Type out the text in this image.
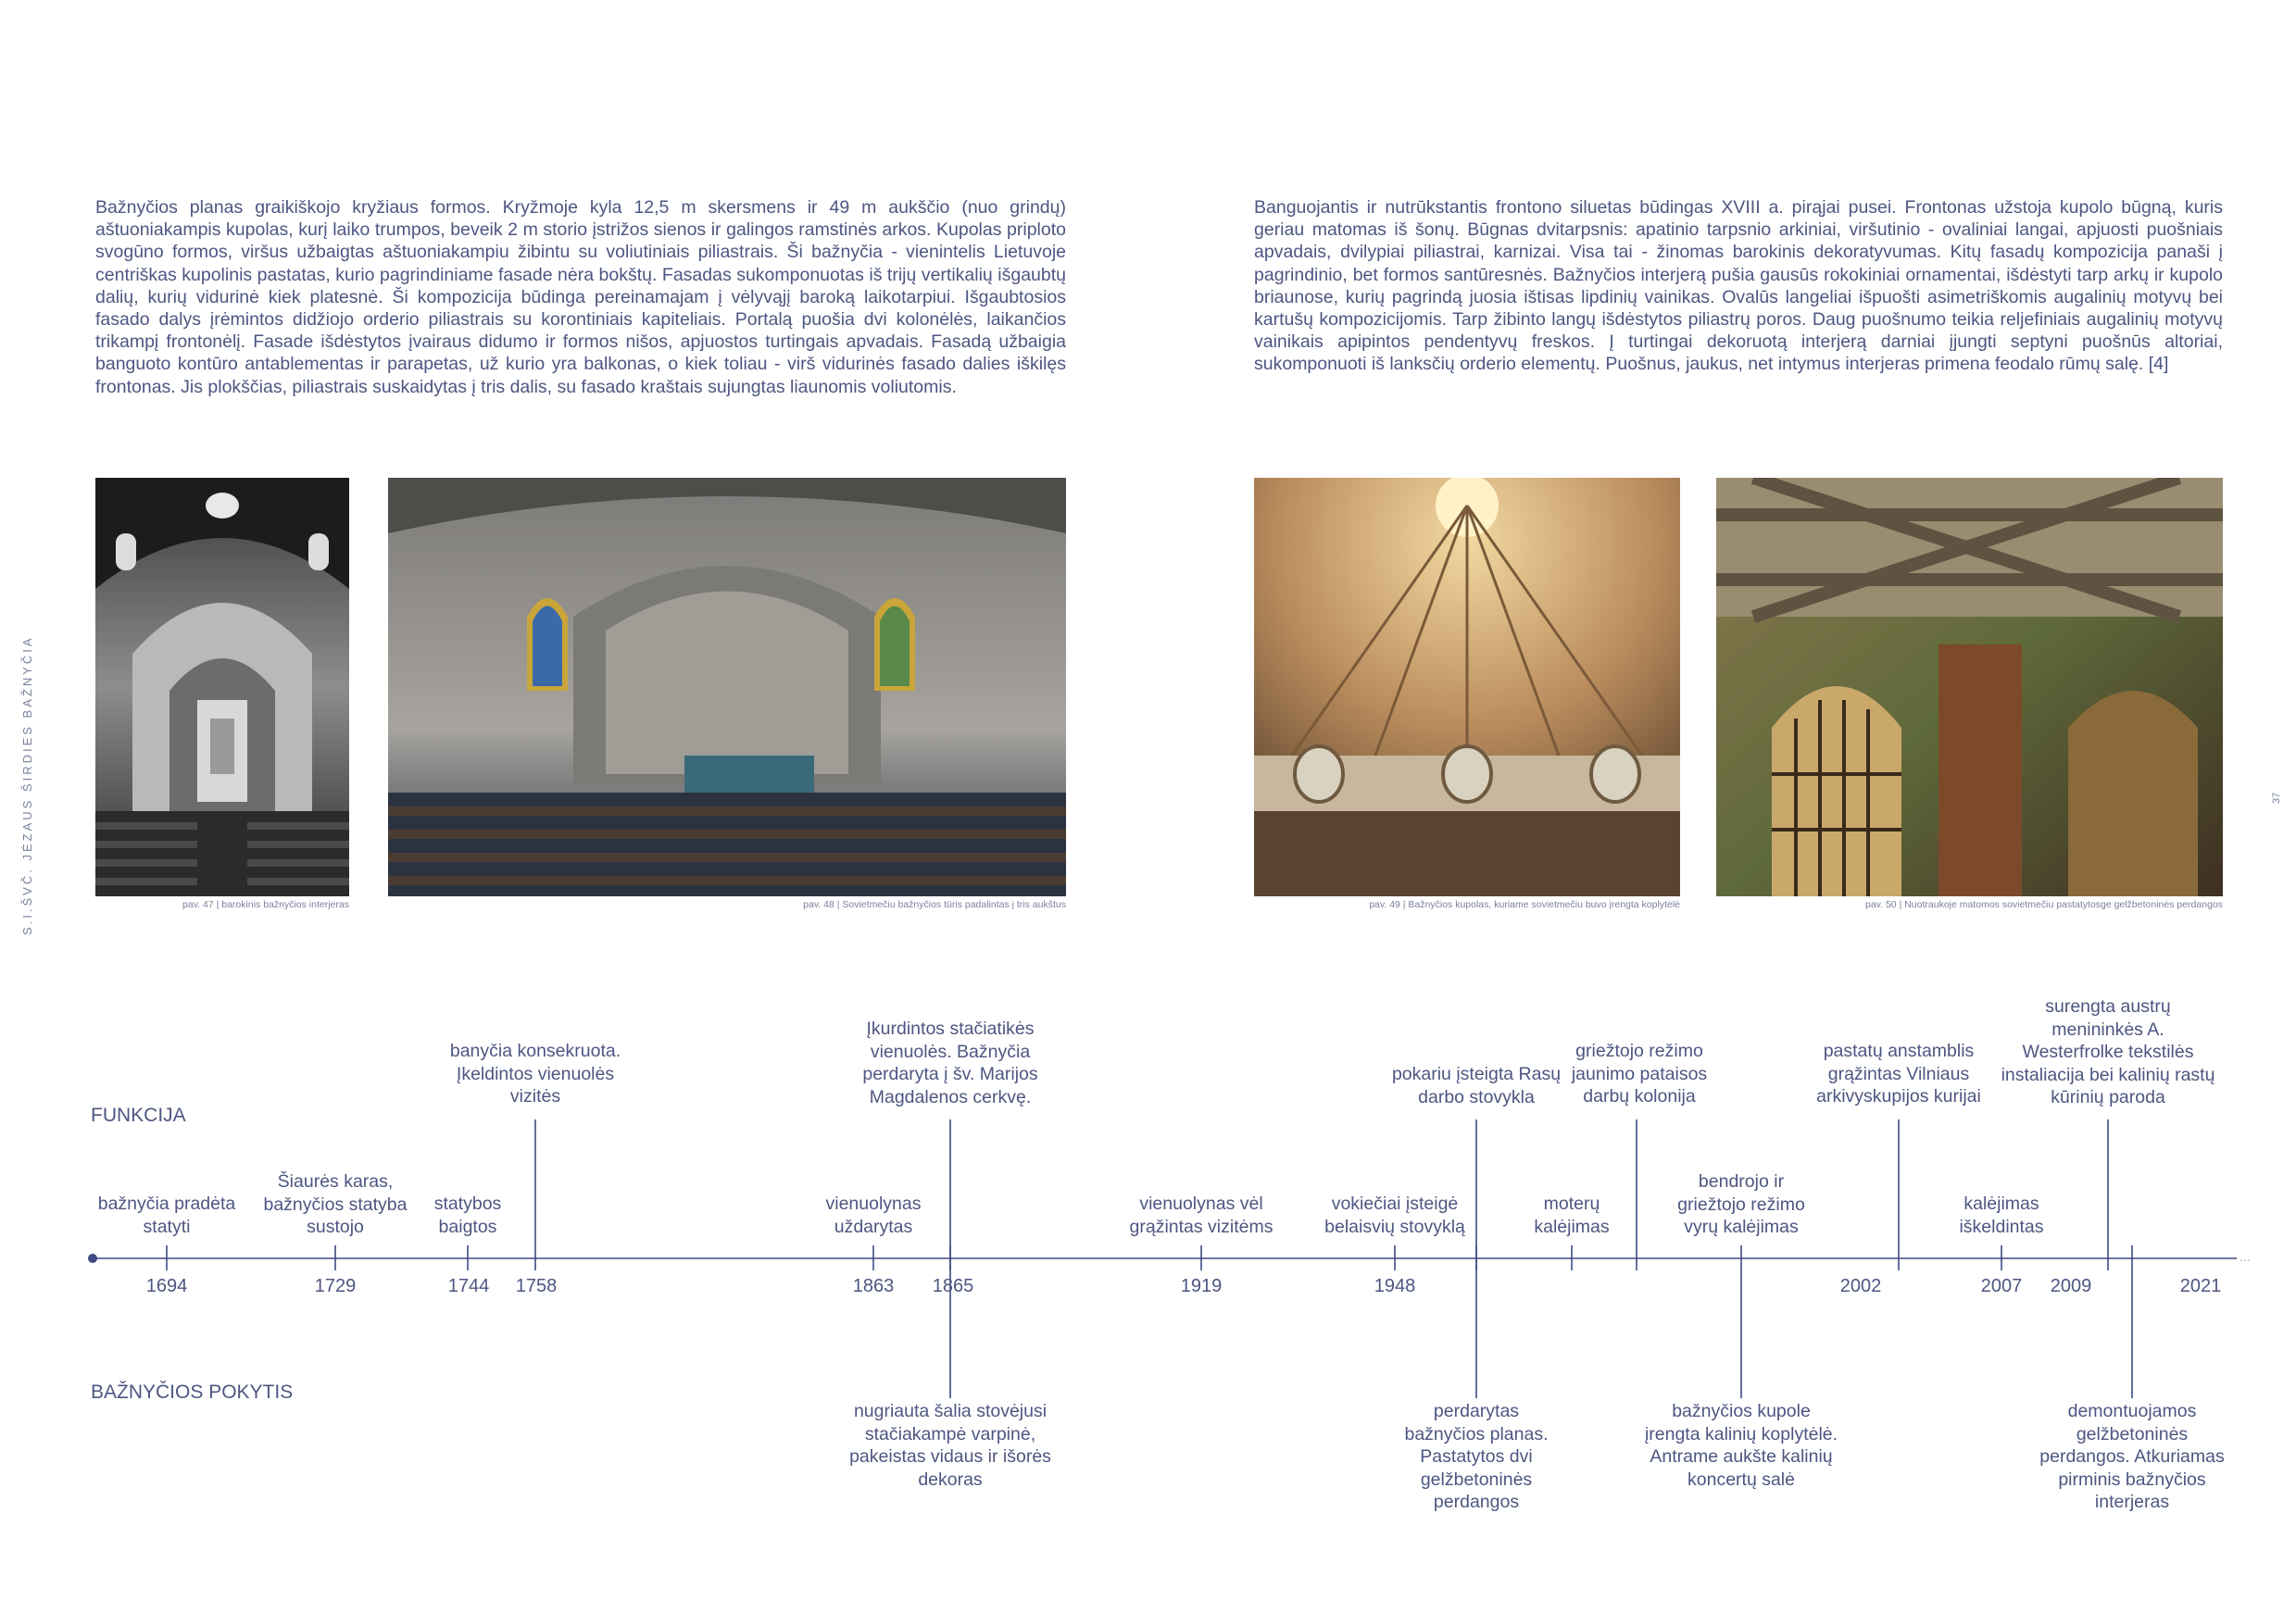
S.I.ŠVČ. JĖZAUS ŠIRDIES BAŽNYČIA	37
Bažnyčios planas graikiškojo kryžiaus formos. Kryžmoje kyla 12,5 m skersmens ir 49 m aukščio (nuo grindų) aštuoniakampis kupolas, kurį laiko trumpos, beveik 2 m storio įstrižos sienos ir galingos ramstinės arkos. Kupolas priploto svogūno formos, viršus užbaigtas aštuoniakampiu žibintu su voliutiniais piliastrais. Ši bažnyčia - vienintelis Lietuvoje centriškas kupolinis pastatas, kurio pagrindiniame fasade nėra bokštų. Fasadas sukomponuotas iš trijų vertikalių išgaubtų dalių, kurių vidurinė kiek platesnė. Ši kompozicija būdinga pereinamajam į vėlyvąjį baroką laikotarpiui. Išgaubtosios fasado dalys įrėmintos didžiojo orderio piliastrais su korontiniais kapiteliais. Portalą puošia dvi kolonėlės, laikančios trikampį frontonėlį. Fasade išdėstytos įvairaus didumo ir formos nišos, apjuostos turtingais apvadais. Fasadą užbaigia banguoto kontūro antablementas ir parapetas, už kurio yra balkonas, o kiek toliau - virš vidurinės fasado dalies iškilęs frontonas. Jis plokščias, piliastrais suskaidytas į tris dalis, su fasado kraštais sujungtas liaunomis voliutomis.
Banguojantis ir nutrūkstantis frontono siluetas būdingas XVIII a. pirąjai pusei. Frontonas užstoja kupolo būgną, kuris geriau matomas iš šonų. Būgnas dvitarpsnis: apatinio tarpsnio arkiniai, viršutinio - ovaliniai langai, apjuosti puošniais apvadais, dvilypiai piliastrai, karnizai. Visa tai - žinomas barokinis dekoratyvumas. Kitų fasadų kompozicija panaši į pagrindinio, bet formos santūresnės. Bažnyčios interjerą pušia gausūs rokokiniai ornamentai, išdėstyti tarp arkų ir kupolo briaunose, kurių pagrindą juosia ištisas lipdinių vainikas. Ovalūs langeliai išpuošti asimetriškomis augalinių motyvų bei kartušų kompozicijomis. Tarp žibinto langų išdėstytos piliastrų poros. Daug puošnumo teikia reljefiniais augalinių motyvų vainikais apipintos pendentyvų freskos. Į turtingai dekoruotą interjerą darniai įjungti septyni puošnūs altoriai, sukomponuoti iš lanksčių orderio elementų. Puošnus, jaukus, net intymus interjeras primena feodalo rūmų salę. [4]
pav. 47 | barokinis bažnyčios interjeras	pav. 48 | Sovietmečiu bažnyčios tūris padalintas į tris aukštus	pav. 49 | Bažnyčios kupolas, kuriame sovietmečiu buvo įrengta koplytėlė	pav. 50 | Nuotraukoje matomos sovietmečiu pastatytosge gelžbetoninės perdangos
FUNKCIJA
BAŽNYČIOS POKYTIS
…
1694	1729	1744 1758	1863 1865	1919	1948	2002	2007 2009	2021
bažnyčia pradėta
statyti
Šiaurės karas,
bažnyčios statyba
sustojo
statybos
baigtos
vienuolynas
uždarytas
vienuolynas vėl
grąžintas vizitėms
vokiečiai įsteigė
belaisvių stovyklą
moterų
kalėjimas
bendrojo ir
griežtojo režimo
vyrų kalėjimas
kalėjimas
iškeldintas
banyčia konsekruota.
Įkeldintos vienuolės
vizitės
Įkurdintos stačiatikės
vienuolės. Bažnyčia
perdaryta į šv. Marijos
Magdalenos cerkvę.
pokariu įsteigta Rasų
darbo stovykla
griežtojo režimo
jaunimo pataisos
darbų kolonija
pastatų anstamblis
grąžintas Vilniaus
arkivyskupijos kurijai
surengta austrų
menininkės A.
Westerfrolke tekstilės
instaliacija bei kalinių rastų
kūrinių paroda
nugriauta šalia stovėjusi
stačiakampė varpinė,
pakeistas vidaus ir išorės
dekoras
perdarytas
bažnyčios planas.
Pastatytos dvi
gelžbetoninės
perdangos
bažnyčios kupole
įrengta kalinių koplytėlė.
Antrame aukšte kalinių
koncertų salė
demontuojamos
gelžbetoninės
perdangos. Atkuriamas
pirminis bažnyčios
interjeras
